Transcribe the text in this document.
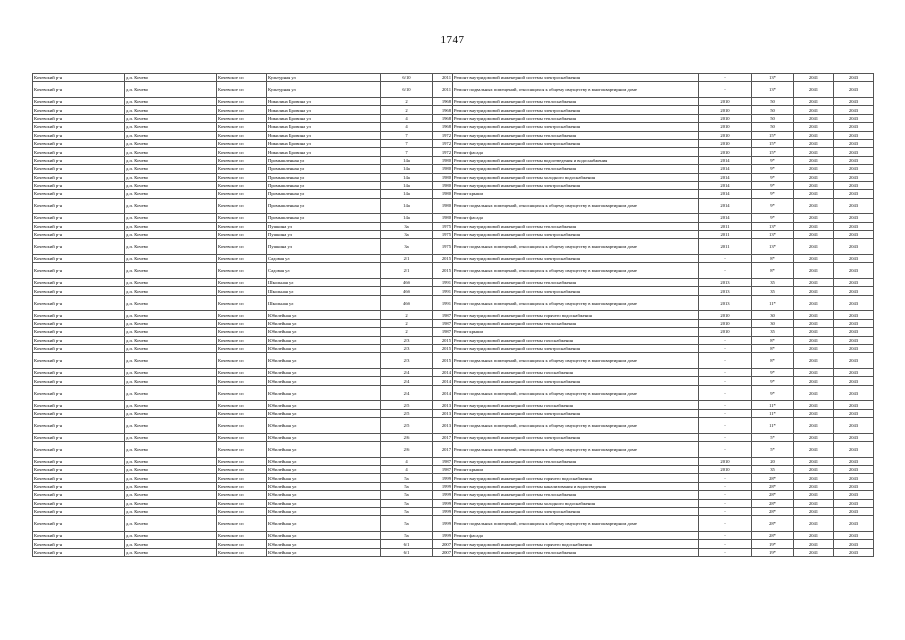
1747
Кочевский р-н	д.п. Кочево	Кочевское сп	Культурная ул	6/10	2011	Ремонт внутридомовой инженерной системы электроснабжения	-	13*	2041	2043
Кочевский р-н	д.п. Кочево	Кочевское сп	Культурная ул	6/10	2011	Ремонт подвальных помещений, относящихся к общему имуществу в многоквартирном доме	-	13*	2041	2043
Кочевский р-н	д.п. Кочево	Кочевское сп	Никилина Бровина ул	2	1968	Ремонт внутридомовой инженерной системы теплоснабжения	2010	50	2041	2043
Кочевский р-н	д.п. Кочево	Кочевское сп	Никилина Бровина ул	2	1968	Ремонт внутридомовой инженерной системы электроснабжения	2010	50	2041	2043
Кочевский р-н	д.п. Кочево	Кочевское сп	Никилина Бровина ул	4	1968	Ремонт внутридомовой инженерной системы теплоснабжения	2010	50	2041	2043
Кочевский р-н	д.п. Кочево	Кочевское сп	Никилина Бровина ул	4	1968	Ремонт внутридомовой инженерной системы электроснабжения	2010	50	2041	2043
Кочевский р-н	д.п. Кочево	Кочевское сп	Никилина Бровина ул	7	1972	Ремонт внутридомовой инженерной системы теплоснабжения	2010	15*	2041	2043
Кочевский р-н	д.п. Кочево	Кочевское сп	Никилина Бровина ул	7	1972	Ремонт внутридомовой инженерной системы электроснабжения	2010	15*	2041	2043
Кочевский р-н	д.п. Кочево	Кочевское сп	Никилина Бровина ул	7	1972	Ремонт фасада	2010	15*	2041	2043
Кочевский р-н	д.п. Кочево	Кочевское сп	Промышленная ул	14а	1980	Ремонт внутридомовой инженерной системы водоотведения и водоснабжения	2014	9*	2041	2043
Кочевский р-н	д.п. Кочево	Кочевское сп	Промышленная ул	14а	1980	Ремонт внутридомовой инженерной системы теплоснабжения	2014	9*	2041	2043
Кочевский р-н	д.п. Кочево	Кочевское сп	Промышленная ул	14а	1980	Ремонт внутридомовой инженерной системы холодного водоснабжения	2014	9*	2041	2043
Кочевский р-н	д.п. Кочево	Кочевское сп	Промышленная ул	14а	1980	Ремонт внутридомовой инженерной системы электроснабжения	2014	9*	2041	2043
Кочевский р-н	д.п. Кочево	Кочевское сп	Промышленная ул	14а	1980	Ремонт крыши	2014	9*	2041	2043
Кочевский р-н	д.п. Кочево	Кочевское сп	Промышленная ул	14а	1980	Ремонт подвальных помещений, относящихся к общему имуществу в многоквартирном доме	2014	9*	2041	2043
Кочевский р-н	д.п. Кочево	Кочевское сп	Промышленная ул	14а	1980	Ремонт фасада	2014	9*	2041	2043
Кочевский р-н	д.п. Кочево	Кочевское сп	Пушкина ул	3а	1975	Ремонт внутридомовой инженерной системы теплоснабжения	2011	13*	2041	2043
Кочевский р-н	д.п. Кочево	Кочевское сп	Пушкина ул	3а	1975	Ремонт внутридомовой инженерной системы электроснабжения	2011	13*	2041	2043
Кочевский р-н	д.п. Кочево	Кочевское сп	Пушкина ул	3а	1975	Ремонт подвальных помещений, относящихся к общему имуществу в многоквартирном доме	2011	13*	2041	2043
Кочевский р-н	д.п. Кочево	Кочевское сп	Садовая ул	2/1	2015	Ремонт внутридомовой инженерной системы электроснабжения	-	8*	2041	2043
Кочевский р-н	д.п. Кочево	Кочевское сп	Садовая ул	2/1	2015	Ремонт подвальных помещений, относящихся к общему имуществу в многоквартирном доме	-	8*	2041	2043
Кочевский р-н	д.п. Кочево	Кочевское сп	Школьная ул	46б	1991	Ремонт внутридомовой инженерной системы теплоснабжения	2013	35	2041	2043
Кочевский р-н	д.п. Кочево	Кочевское сп	Школьная ул	46б	1991	Ремонт внутридомовой инженерной системы электроснабжения	2013	35	2041	2043
Кочевский р-н	д.п. Кочево	Кочевское сп	Школьная ул	46б	1991	Ремонт подвальных помещений, относящихся к общему имуществу в многоквартирном доме	2013	11*	2041	2043
Кочевский р-н	д.п. Кочево	Кочевское сп	Юбилейная ул	2	1987	Ремонт внутридомовой инженерной системы горячего водоснабжения	2010	30	2041	2043
Кочевский р-н	д.п. Кочево	Кочевское сп	Юбилейная ул	2	1987	Ремонт внутридомовой инженерной системы теплоснабжения	2010	30	2041	2043
Кочевский р-н	д.п. Кочево	Кочевское сп	Юбилейная ул	2	1987	Ремонт крыши	2010	35	2041	2043
Кочевский р-н	д.п. Кочево	Кочевское сп	Юбилейная ул	2/3	2015	Ремонт внутридомовой инженерной системы газоснабжения	-	8*	2041	2043
Кочевский р-н	д.п. Кочево	Кочевское сп	Юбилейная ул	2/3	2015	Ремонт внутридомовой инженерной системы электроснабжения	-	8*	2041	2043
Кочевский р-н	д.п. Кочево	Кочевское сп	Юбилейная ул	2/3	2015	Ремонт подвальных помещений, относящихся к общему имуществу в многоквартирном доме	-	8*	2041	2043
Кочевский р-н	д.п. Кочево	Кочевское сп	Юбилейная ул	2/4	2014	Ремонт внутридомовой инженерной системы газоснабжения	-	9*	2041	2043
Кочевский р-н	д.п. Кочево	Кочевское сп	Юбилейная ул	2/4	2014	Ремонт внутридомовой инженерной системы электроснабжения	-	9*	2041	2043
Кочевский р-н	д.п. Кочево	Кочевское сп	Юбилейная ул	2/4	2014	Ремонт подвальных помещений, относящихся к общему имуществу в многоквартирном доме	-	9*	2041	2043
Кочевский р-н	д.п. Кочево	Кочевское сп	Юбилейная ул	2/5	2013	Ремонт внутридомовой инженерной системы газоснабжения	-	11*	2041	2043
Кочевский р-н	д.п. Кочево	Кочевское сп	Юбилейная ул	2/5	2013	Ремонт внутридомовой инженерной системы электроснабжения	-	11*	2041	2043
Кочевский р-н	д.п. Кочево	Кочевское сп	Юбилейная ул	2/5	2013	Ремонт подвальных помещений, относящихся к общему имуществу в многоквартирном доме	-	11*	2041	2043
Кочевский р-н	д.п. Кочево	Кочевское сп	Юбилейная ул	2/6	2017	Ремонт внутридомовой инженерной системы электроснабжения	-	5*	2041	2043
Кочевский р-н	д.п. Кочево	Кочевское сп	Юбилейная ул	2/6	2017	Ремонт подвальных помещений, относящихся к общему имуществу в многоквартирном доме	-	5*	2041	2043
Кочевский р-н	д.п. Кочево	Кочевское сп	Юбилейная ул	4	1987	Ремонт внутридомовой инженерной системы теплоснабжения	2010	20	2041	2043
Кочевский р-н	д.п. Кочево	Кочевское сп	Юбилейная ул	4	1987	Ремонт крыши	2010	35	2041	2043
Кочевский р-н	д.п. Кочево	Кочевское сп	Юбилейная ул	5а	1999	Ремонт внутридомовой инженерной системы горячего водоснабжения	-	28*	2041	2043
Кочевский р-н	д.п. Кочево	Кочевское сп	Юбилейная ул	5а	1999	Ремонт внутридомовой инженерной системы канализования и водоотведения	-	28*	2041	2043
Кочевский р-н	д.п. Кочево	Кочевское сп	Юбилейная ул	5а	1999	Ремонт внутридомовой инженерной системы теплоснабжения	-	28*	2041	2043
Кочевский р-н	д.п. Кочево	Кочевское сп	Юбилейная ул	5а	1999	Ремонт внутридомовой инженерной системы холодного водоснабжения	-	28*	2041	2043
Кочевский р-н	д.п. Кочево	Кочевское сп	Юбилейная ул	5а	1999	Ремонт внутридомовой инженерной системы электроснабжения	-	28*	2041	2043
Кочевский р-н	д.п. Кочево	Кочевское сп	Юбилейная ул	5а	1999	Ремонт подвальных помещений, относящихся к общему имуществу в многоквартирном доме	-	28*	2041	2043
Кочевский р-н	д.п. Кочево	Кочевское сп	Юбилейная ул	5а	1999	Ремонт фасада	-	28*	2041	2043
Кочевский р-н	д.п. Кочево	Кочевское сп	Юбилейная ул	6/1	2007	Ремонт внутридомовой инженерной системы горячего водоснабжения	-	19*	2041	2043
Кочевский р-н	д.п. Кочево	Кочевское сп	Юбилейная ул	6/1	2007	Ремонт внутридомовой инженерной системы теплоснабжения	-	19*	2041	2043
